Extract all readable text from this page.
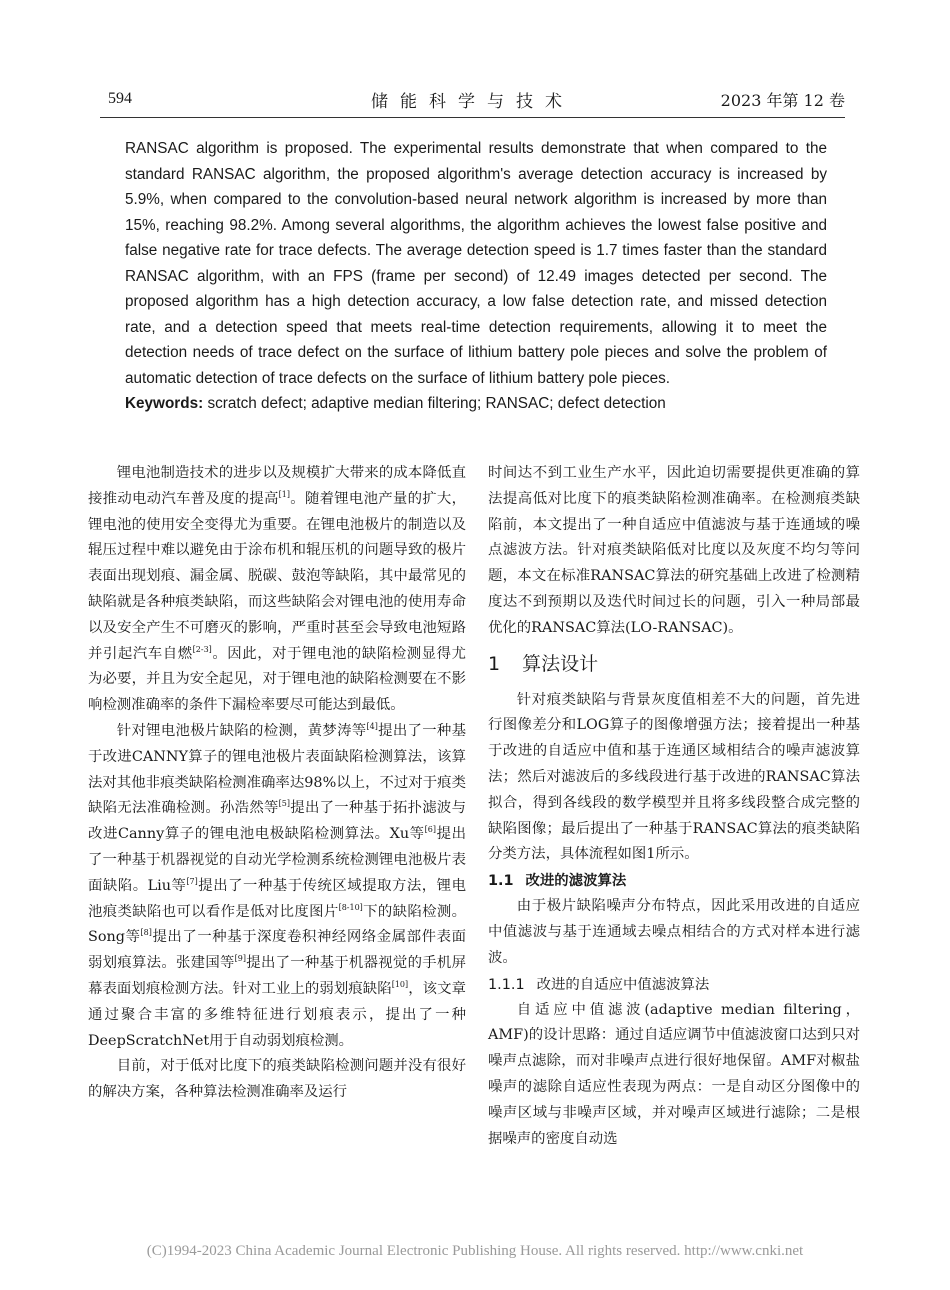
594	储能科学与技术	2023 年第 12 卷

RANSAC algorithm is proposed. The experimental results demonstrate that when compared to the standard RANSAC algorithm, the proposed algorithm's average detection accuracy is increased by 5.9%, when compared to the convolution-based neural network algorithm is increased by more than 15%, reaching 98.2%. Among several algorithms, the algorithm achieves the lowest false positive and false negative rate for trace defects. The average detection speed is 1.7 times faster than the standard RANSAC algorithm, with an FPS (frame per second) of 12.49 images detected per second. The proposed algorithm has a high detection accuracy, a low false detection rate, and missed detection rate, and a detection speed that meets real-time detection requirements, allowing it to meet the detection needs of trace defect on the surface of lithium battery pole pieces and solve the problem of automatic detection of trace defects on the surface of lithium battery pole pieces.

Keywords: scratch defect; adaptive median filtering; RANSAC; defect detection

锂电池制造技术的进步以及规模扩大带来的成本降低直接推动电动汽车普及度的提高[1]。随着锂电池产量的扩大，锂电池的使用安全变得尤为重要。在锂电池极片的制造以及辊压过程中难以避免由于涂布机和辊压机的问题导致的极片表面出现划痕、漏金属、脱碳、鼓泡等缺陷，其中最常见的缺陷就是各种痕类缺陷，而这些缺陷会对锂电池的使用寿命以及安全产生不可磨灭的影响，严重时甚至会导致电池短路并引起汽车自燃[2-3]。因此，对于锂电池的缺陷检测显得尤为必要，并且为安全起见，对于锂电池的缺陷检测要在不影响检测准确率的条件下漏检率要尽可能达到最低。

针对锂电池极片缺陷的检测，黄梦涛等[4]提出了一种基于改进CANNY算子的锂电池极片表面缺陷检测算法，该算法对其他非痕类缺陷检测准确率达98%以上，不过对于痕类缺陷无法准确检测。孙浩然等[5]提出了一种基于拓扑滤波与改进Canny算子的锂电池电极缺陷检测算法。Xu等[6]提出了一种基于机器视觉的自动光学检测系统检测锂电池极片表面缺陷。Liu等[7]提出了一种基于传统区域提取方法，锂电池痕类缺陷也可以看作是低对比度图片[8-10]下的缺陷检测。Song等[8]提出了一种基于深度卷积神经网络金属部件表面弱划痕算法。张建国等[9]提出了一种基于机器视觉的手机屏幕表面划痕检测方法。针对工业上的弱划痕缺陷[10]，该文章通过聚合丰富的多维特征进行划痕表示，提出了一种DeepScratchNet用于自动弱划痕检测。

目前，对于低对比度下的痕类缺陷检测问题并没有很好的解决方案，各种算法检测准确率及运行

时间达不到工业生产水平，因此迫切需要提供更准确的算法提高低对比度下的痕类缺陷检测准确率。在检测痕类缺陷前，本文提出了一种自适应中值滤波与基于连通域的噪点滤波方法。针对痕类缺陷低对比度以及灰度不均匀等问题，本文在标准RANSAC算法的研究基础上改进了检测精度达不到预期以及迭代时间过长的问题，引入一种局部最优化的RANSAC算法(LO-RANSAC)。

1 算法设计

针对痕类缺陷与背景灰度值相差不大的问题，首先进行图像差分和LOG算子的图像增强方法；接着提出一种基于改进的自适应中值和基于连通区域相结合的噪声滤波算法；然后对滤波后的多线段进行基于改进的RANSAC算法拟合，得到各线段的数学模型并且将多线段整合成完整的缺陷图像；最后提出了一种基于RANSAC算法的痕类缺陷分类方法，具体流程如图1所示。

1.1 改进的滤波算法

由于极片缺陷噪声分布特点，因此采用改进的自适应中值滤波与基于连通域去噪点相结合的方式对样本进行滤波。

1.1.1 改进的自适应中值滤波算法

自适应中值滤波(adaptive median filtering，AMF)的设计思路：通过自适应调节中值滤波窗口达到只对噪声点滤除，而对非噪声点进行很好地保留。AMF对椒盐噪声的滤除自适应性表现为两点：一是自动区分图像中的噪声区域与非噪声区域，并对噪声区域进行滤除；二是根据噪声的密度自动选

(C)1994-2023 China Academic Journal Electronic Publishing House. All rights reserved. http://www.cnki.net
